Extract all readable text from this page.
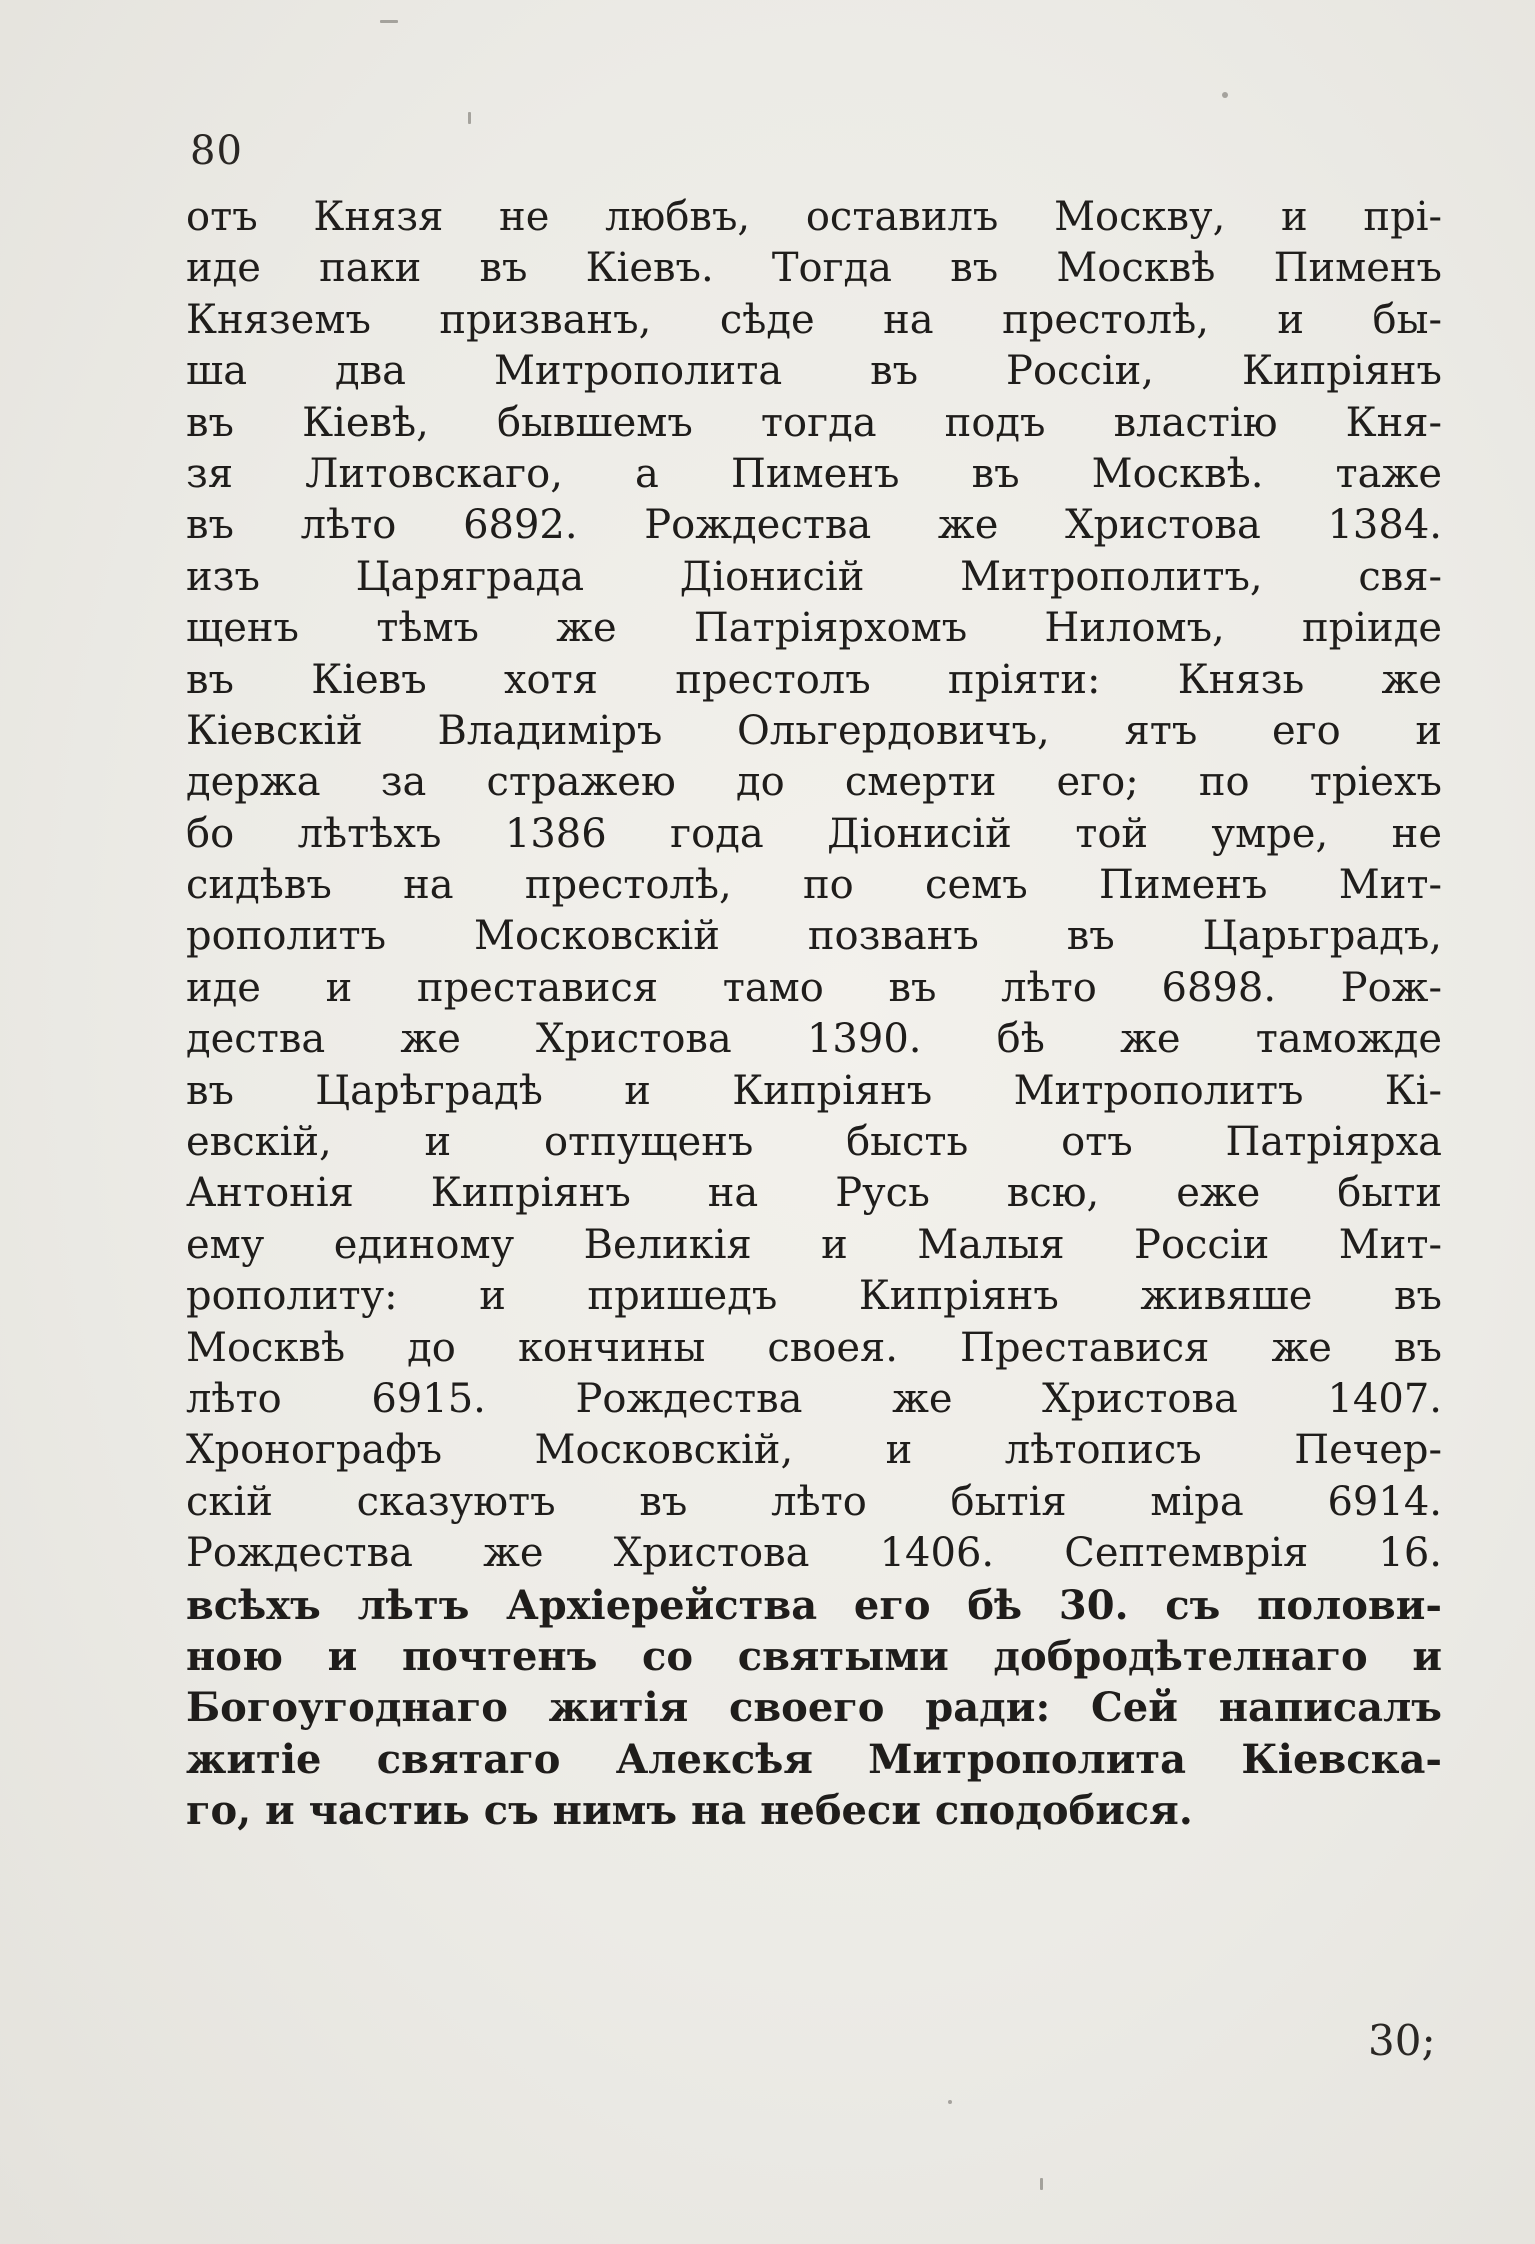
80
отъ Князя не любвъ, оставилъ Москву, и прі-
иде паки въ Кіевъ. Тогда въ Москвѣ Пименъ
Княземъ призванъ, сѣде на престолѣ, и бы-
ша два Митрополита въ Россіи, Кипріянъ
въ Кіевѣ, бывшемъ тогда подъ властію Кня-
зя Литовскаго, а Пименъ въ Москвѣ. таже
въ лѣто 6892. Рождества же Христова 1384.
изъ Царяграда Діонисій Митрополитъ, свя-
щенъ тѣмъ же Патріярхомъ Ниломъ, пріиде
въ Кіевъ хотя престолъ пріяти: Князь же
Кіевскій Владиміръ Ольгердовичъ, ятъ его и
держа за стражею до смерти его; по тріехъ
бо лѣтѣхъ 1386 года Діонисій той умре, не
сидѣвъ на престолѣ, по семъ Пименъ Мит-
рополитъ Московскій позванъ въ Царьградъ,
иде и преставися тамо въ лѣто 6898. Рож-
дества же Христова 1390. бѣ же тамождe
въ Царѣградѣ и Кипріянъ Митрополитъ Кі-
евскій, и отпущенъ бысть отъ Патріярха
Антонія Кипріянъ на Русь всю, еже быти
ему единому Великія и Малыя Россіи Мит-
рополиту: и пришедъ Кипріянъ живяше въ
Москвѣ до кончины своея. Преставися же въ
лѣто 6915. Рождества же Христова 1407.
Хронографъ Московскій, и лѣтописъ Печер-
скій сказуютъ въ лѣто бытія міра 6914.
Рождества же Христова 1406. Септемврія 16.
всѣхъ лѣтъ Архіерейства его бѣ 30. съ полови-
ною и почтенъ со святыми добродѣтелнаго и
Богоугоднаго житія своего ради: Сей написалъ
житіе святаго Алексѣя Митрополита Кіевска-
го, и частиь съ нимъ на небеси сподобися.
30;
